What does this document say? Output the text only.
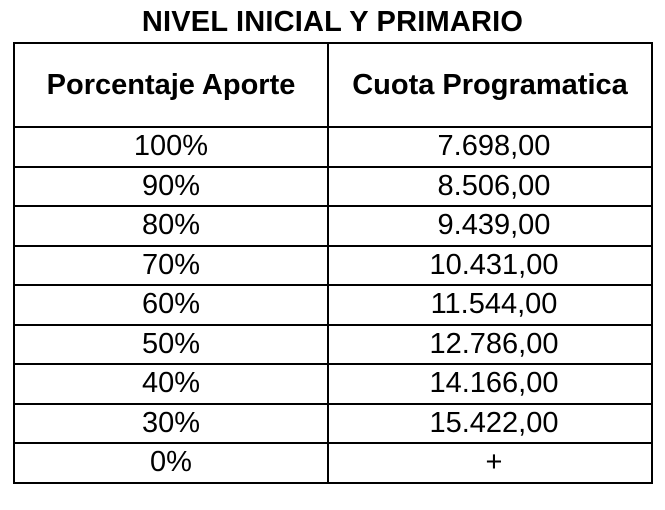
NIVEL INICIAL Y PRIMARIO
Porcentaje Aporte	Cuota Programatica
100%	7.698,00
90%	8.506,00
80%	9.439,00
70%	10.431,00
60%	11.544,00
50%	12.786,00
40%	14.166,00
30%	15.422,00
0%	+
